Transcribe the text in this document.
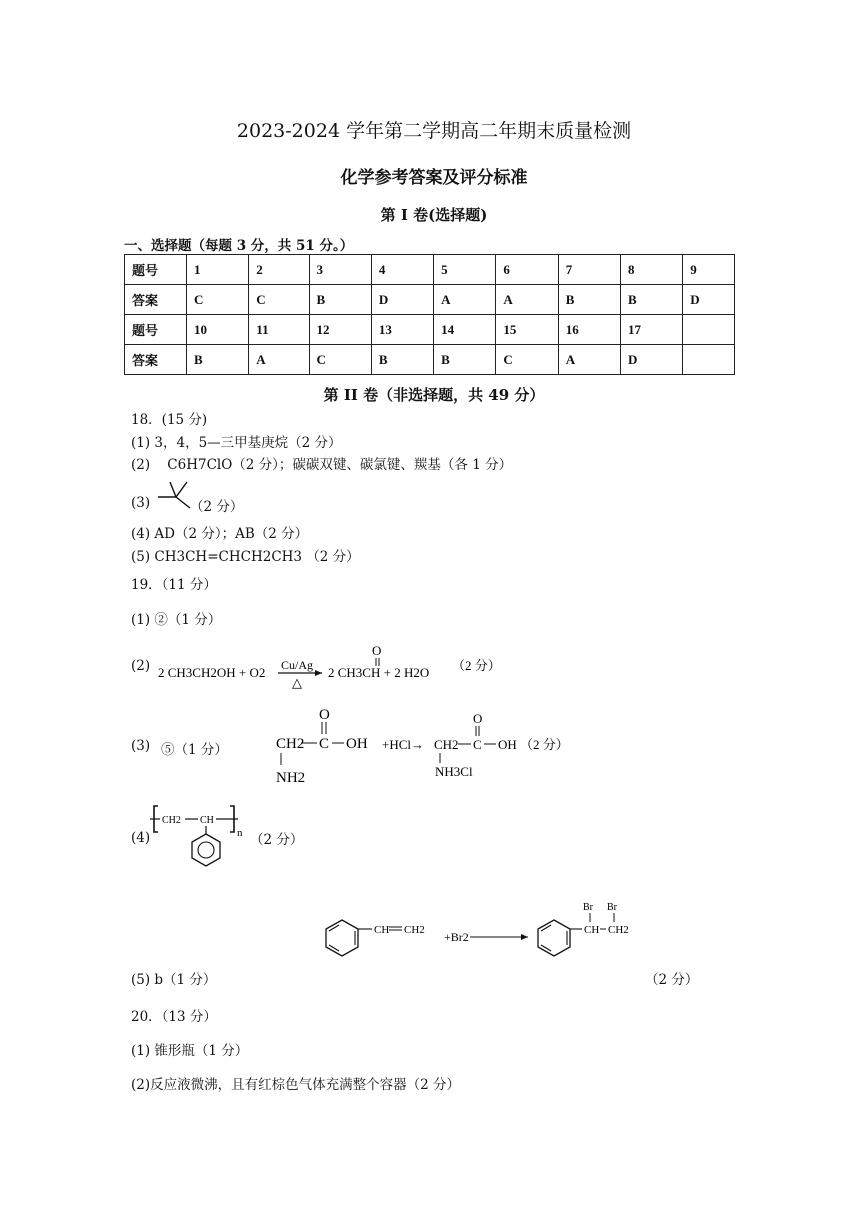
2023-2024 学年第二学期高二年期末质量检测
化学参考答案及评分标准
第 I 卷(选择题)
一、选择题（每题 3 分，共 51 分。）
题号	1	2	3	4	5	6	7	8	9
答案	C	C	B	D	A	A	B	B	D
题号	10	11	12	13	14	15	16	17	
答案	B	A	C	B	B	C	A	D	
第 II 卷（非选择题，共 49 分）
18．(15 分)
(1) 3，4，5—三甲基庚烷（2 分）
(2) C6H7ClO（2 分）；碳碳双键、碳氯键、羰基（各 1 分）
(3)	（2 分）
(4) AD（2 分）；AB（2 分）
(5) CH3CH=CHCH2CH3 （2 分）
19．（11 分）
(1) ②（1 分）
(2) 2 CH3CH2OH + O2 Cu/Ag
△
O
2 CH3CH + 2 H2O （2 分）
(3) ⑤（1 分）	CH2 C
O
OH
NH2
+HCl→ CH2 C
O
OH
NH3Cl
（2 分）
(4)
CH2 CH
n （2 分）
CH CH2 +Br2	CH CH2
Br Br
(5) b（1 分）	（2 分）
20．（13 分）
(1) 锥形瓶（1 分）
(2)反应液微沸，且有红棕色气体充满整个容器（2 分）
